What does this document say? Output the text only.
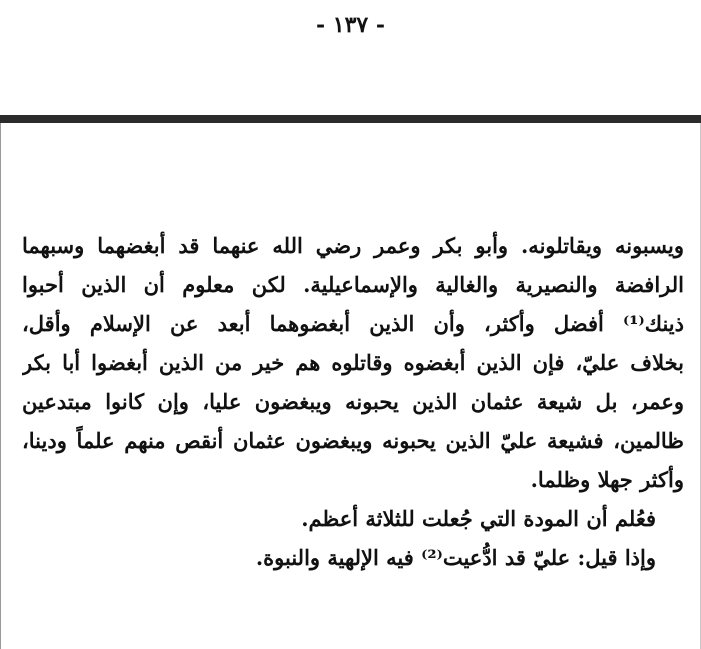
- ١٣٧ -
ويسبونه ويقاتلونه. وأبو بكر وعمر رضي الله عنهما قد أبغضهما وسبهما
الرافضة والنصيرية والغالية والإسماعيلية. لكن معلوم أن الذين أحبوا
ذينك⁽¹⁾ أفضل وأكثر، وأن الذين أبغضوهما أبعد عن الإسلام وأقل،
بخلاف عليّ، فإن الذين أبغضوه وقاتلوه هم خير من الذين أبغضوا أبا بكر
وعمر، بل شيعة عثمان الذين يحبونه ويبغضون عليا، وإن كانوا مبتدعين
ظالمين، فشيعة عليّ الذين يحبونه ويبغضون عثمان أنقص منهم علماً ودينا،
وأكثر جهلا وظلما.
فعُلم أن المودة التي جُعلت للثلاثة أعظم.
وإذا قيل: عليّ قد ادُّعيت⁽²⁾ فيه الإلهية والنبوة.
